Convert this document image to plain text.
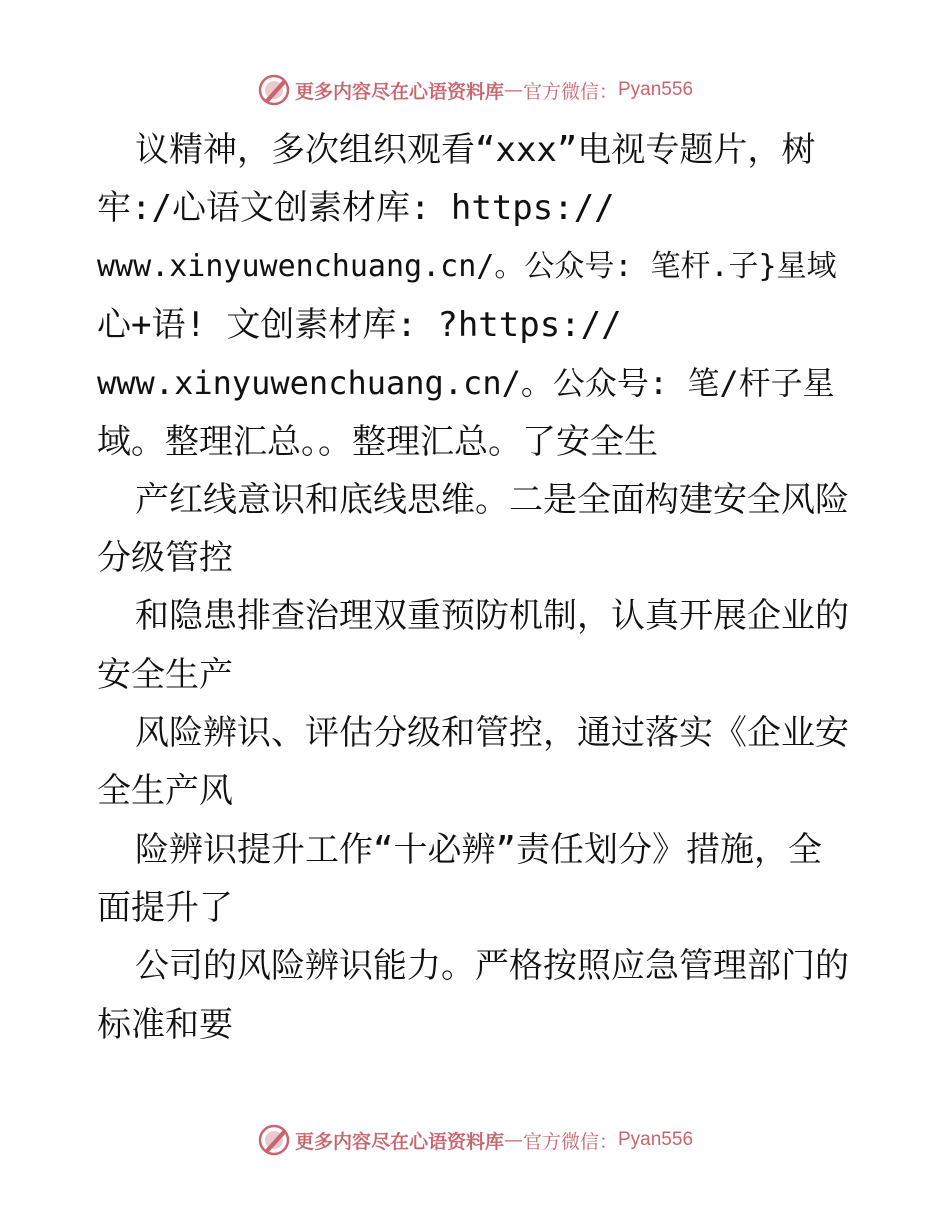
更多内容尽在心语资料库 — 官方微信： Pyan556
议精神，多次组织观看“xxx”电视专题片，树
牢:/心语文创素材库: https://
www.xinyuwenchuang.cn/。公众号: 笔杆.子}星域
心+语! 文创素材库: ?https://
www.xinyuwenchuang.cn/。公众号: 笔/杆子星
域。整理汇总。。整理汇总。了安全生
产红线意识和底线思维。二是全面构建安全风险
分级管控
和隐患排查治理双重预防机制，认真开展企业的
安全生产
风险辨识、评估分级和管控，通过落实《企业安
全生产风
险辨识提升工作“十必辨”责任划分》措施，全
面提升了
公司的风险辨识能力。严格按照应急管理部门的
标准和要
更多内容尽在心语资料库 — 官方微信： Pyan556
